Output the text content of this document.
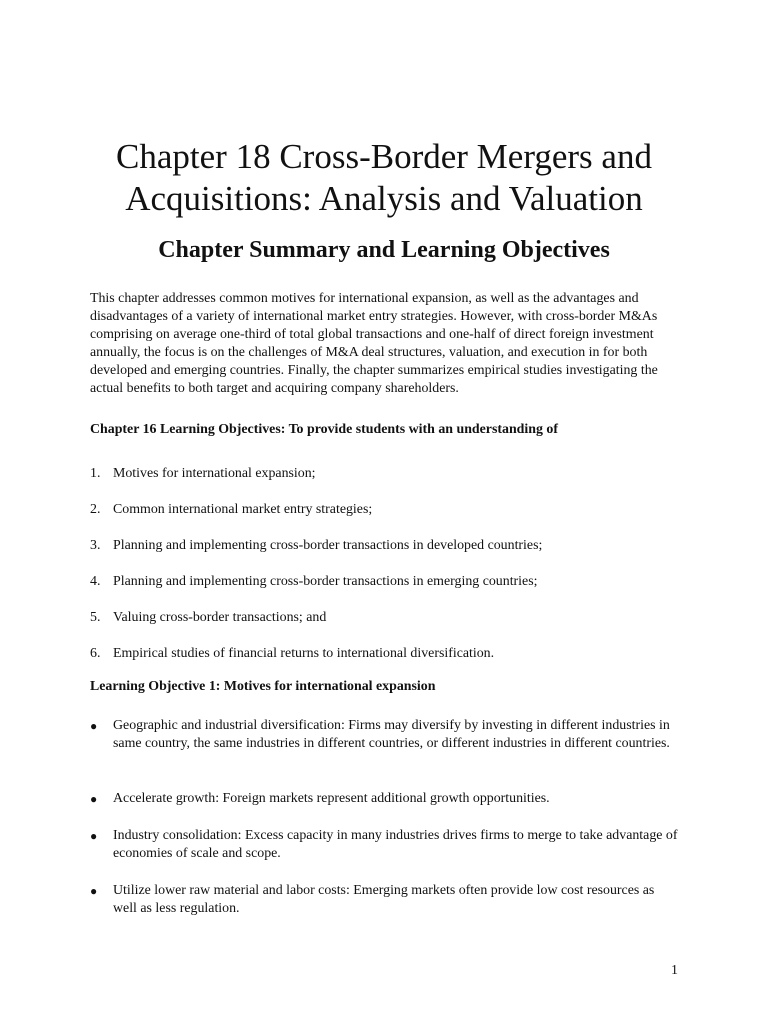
Chapter 18 Cross-Border Mergers and Acquisitions: Analysis and Valuation
Chapter Summary and Learning Objectives

This chapter addresses common motives for international expansion, as well as the advantages and disadvantages of a variety of international market entry strategies. However, with cross-border M&As comprising on average one-third of total global transactions and one-half of direct foreign investment annually, the focus is on the challenges of M&A deal structures, valuation, and execution in for both developed and emerging countries. Finally, the chapter summarizes empirical studies investigating the actual benefits to both target and acquiring company shareholders.

Chapter 16 Learning Objectives: To provide students with an understanding of

1. Motives for international expansion;

2. Common international market entry strategies;

3. Planning and implementing cross-border transactions in developed countries;

4. Planning and implementing cross-border transactions in emerging countries;

5. Valuing cross-border transactions; and

6. Empirical studies of financial returns to international diversification.

Learning Objective 1: Motives for international expansion

●	Geographic and industrial diversification: Firms may diversify by investing in different industries in same country, the same industries in different countries, or different industries in different countries.
●	Accelerate growth: Foreign markets represent additional growth opportunities.
●	Industry consolidation: Excess capacity in many industries drives firms to merge to take advantage of economies of scale and scope.
●	Utilize lower raw material and labor costs: Emerging markets often provide low cost resources as well as less regulation.
1
